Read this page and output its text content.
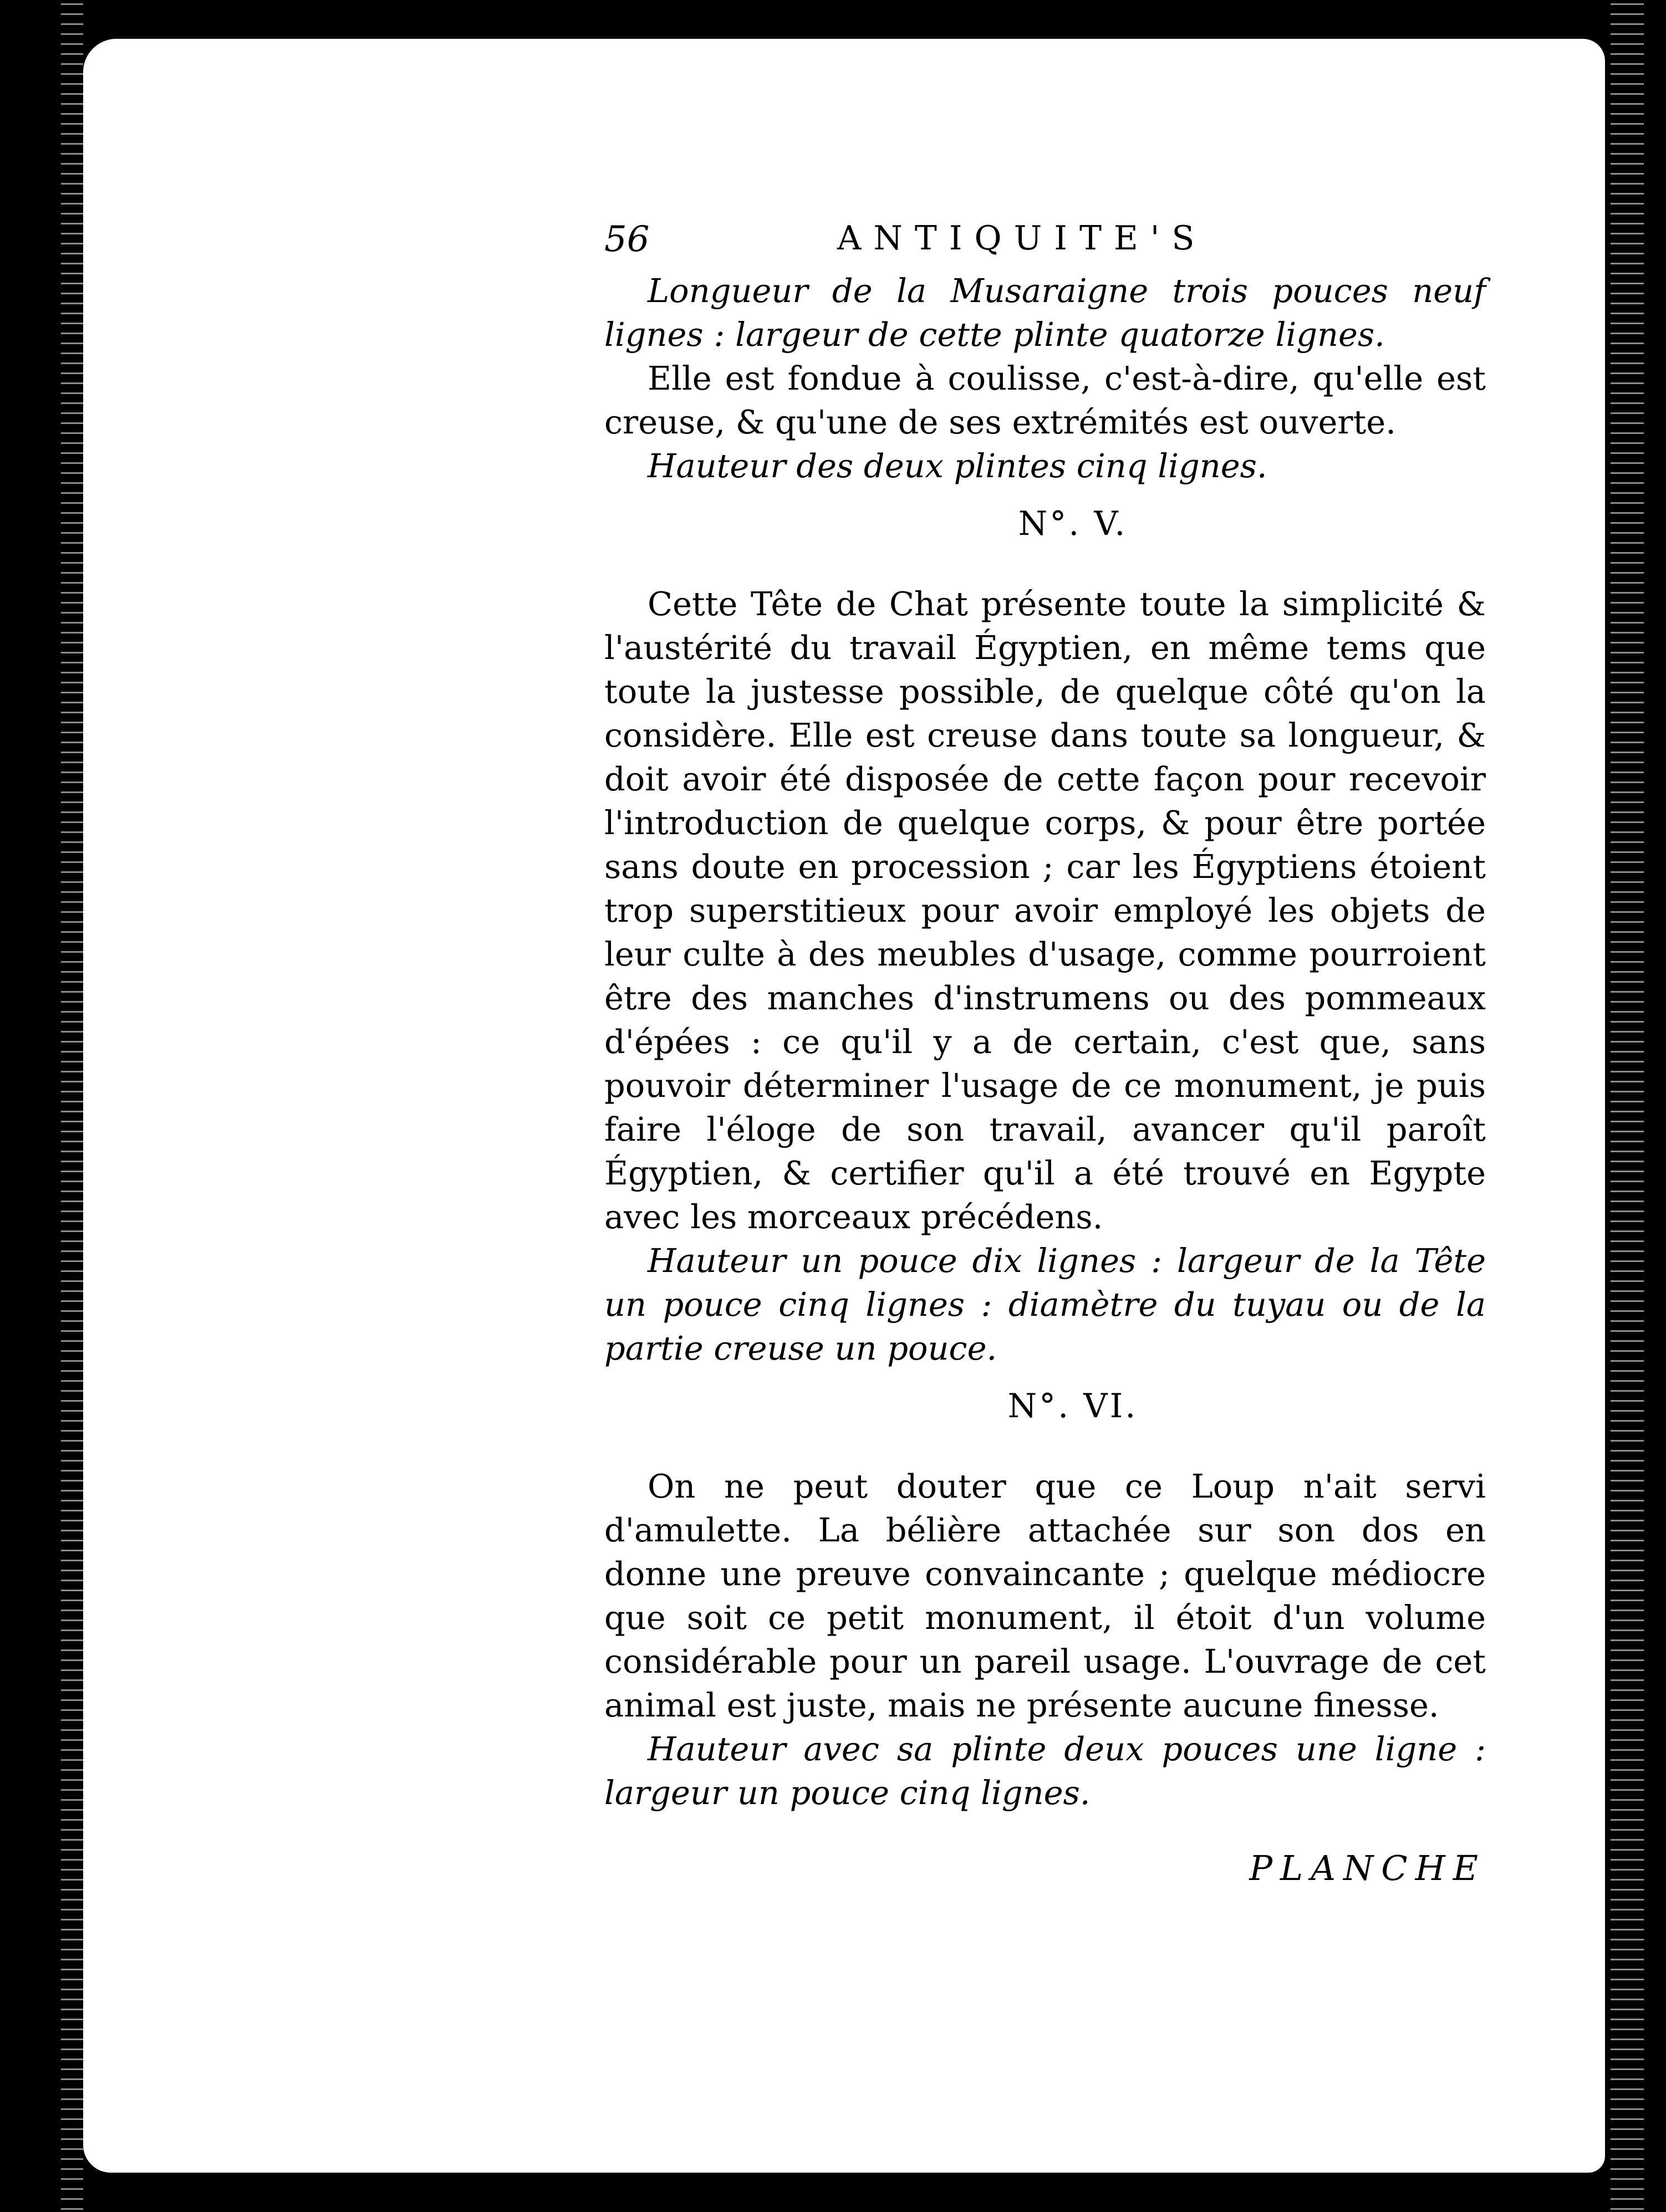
56	ANTIQUITE'S

Longueur de la Musaraigne trois pouces neuf lignes : largeur de cette plinte quatorze lignes.

Elle est fondue à coulisse, c'est-à-dire, qu'elle est creuse, & qu'une de ses extrémités est ouverte.

Hauteur des deux plintes cinq lignes.

N°. V.

Cette Tête de Chat présente toute la simplicité & l'austérité du travail Égyptien, en même tems que toute la justesse possible, de quelque côté qu'on la considère. Elle est creuse dans toute sa longueur, & doit avoir été disposée de cette façon pour recevoir l'introduction de quelque corps, & pour être portée sans doute en procession ; car les Égyptiens étoient trop superstitieux pour avoir employé les objets de leur culte à des meubles d'usage, comme pourroient être des manches d'instrumens ou des pommeaux d'épées : ce qu'il y a de certain, c'est que, sans pouvoir déterminer l'usage de ce monument, je puis faire l'éloge de son travail, avancer qu'il paroît Égyptien, & certifier qu'il a été trouvé en Egypte avec les morceaux précédens.

Hauteur un pouce dix lignes : largeur de la Tête un pouce cinq lignes : diamètre du tuyau ou de la partie creuse un pouce.

N°. VI.

On ne peut douter que ce Loup n'ait servi d'amulette. La bélière attachée sur son dos en donne une preuve convaincante ; quelque médiocre que soit ce petit monument, il étoit d'un volume considérable pour un pareil usage. L'ouvrage de cet animal est juste, mais ne présente aucune finesse.

Hauteur avec sa plinte deux pouces une ligne : largeur un pouce cinq lignes.

PLANCHE
